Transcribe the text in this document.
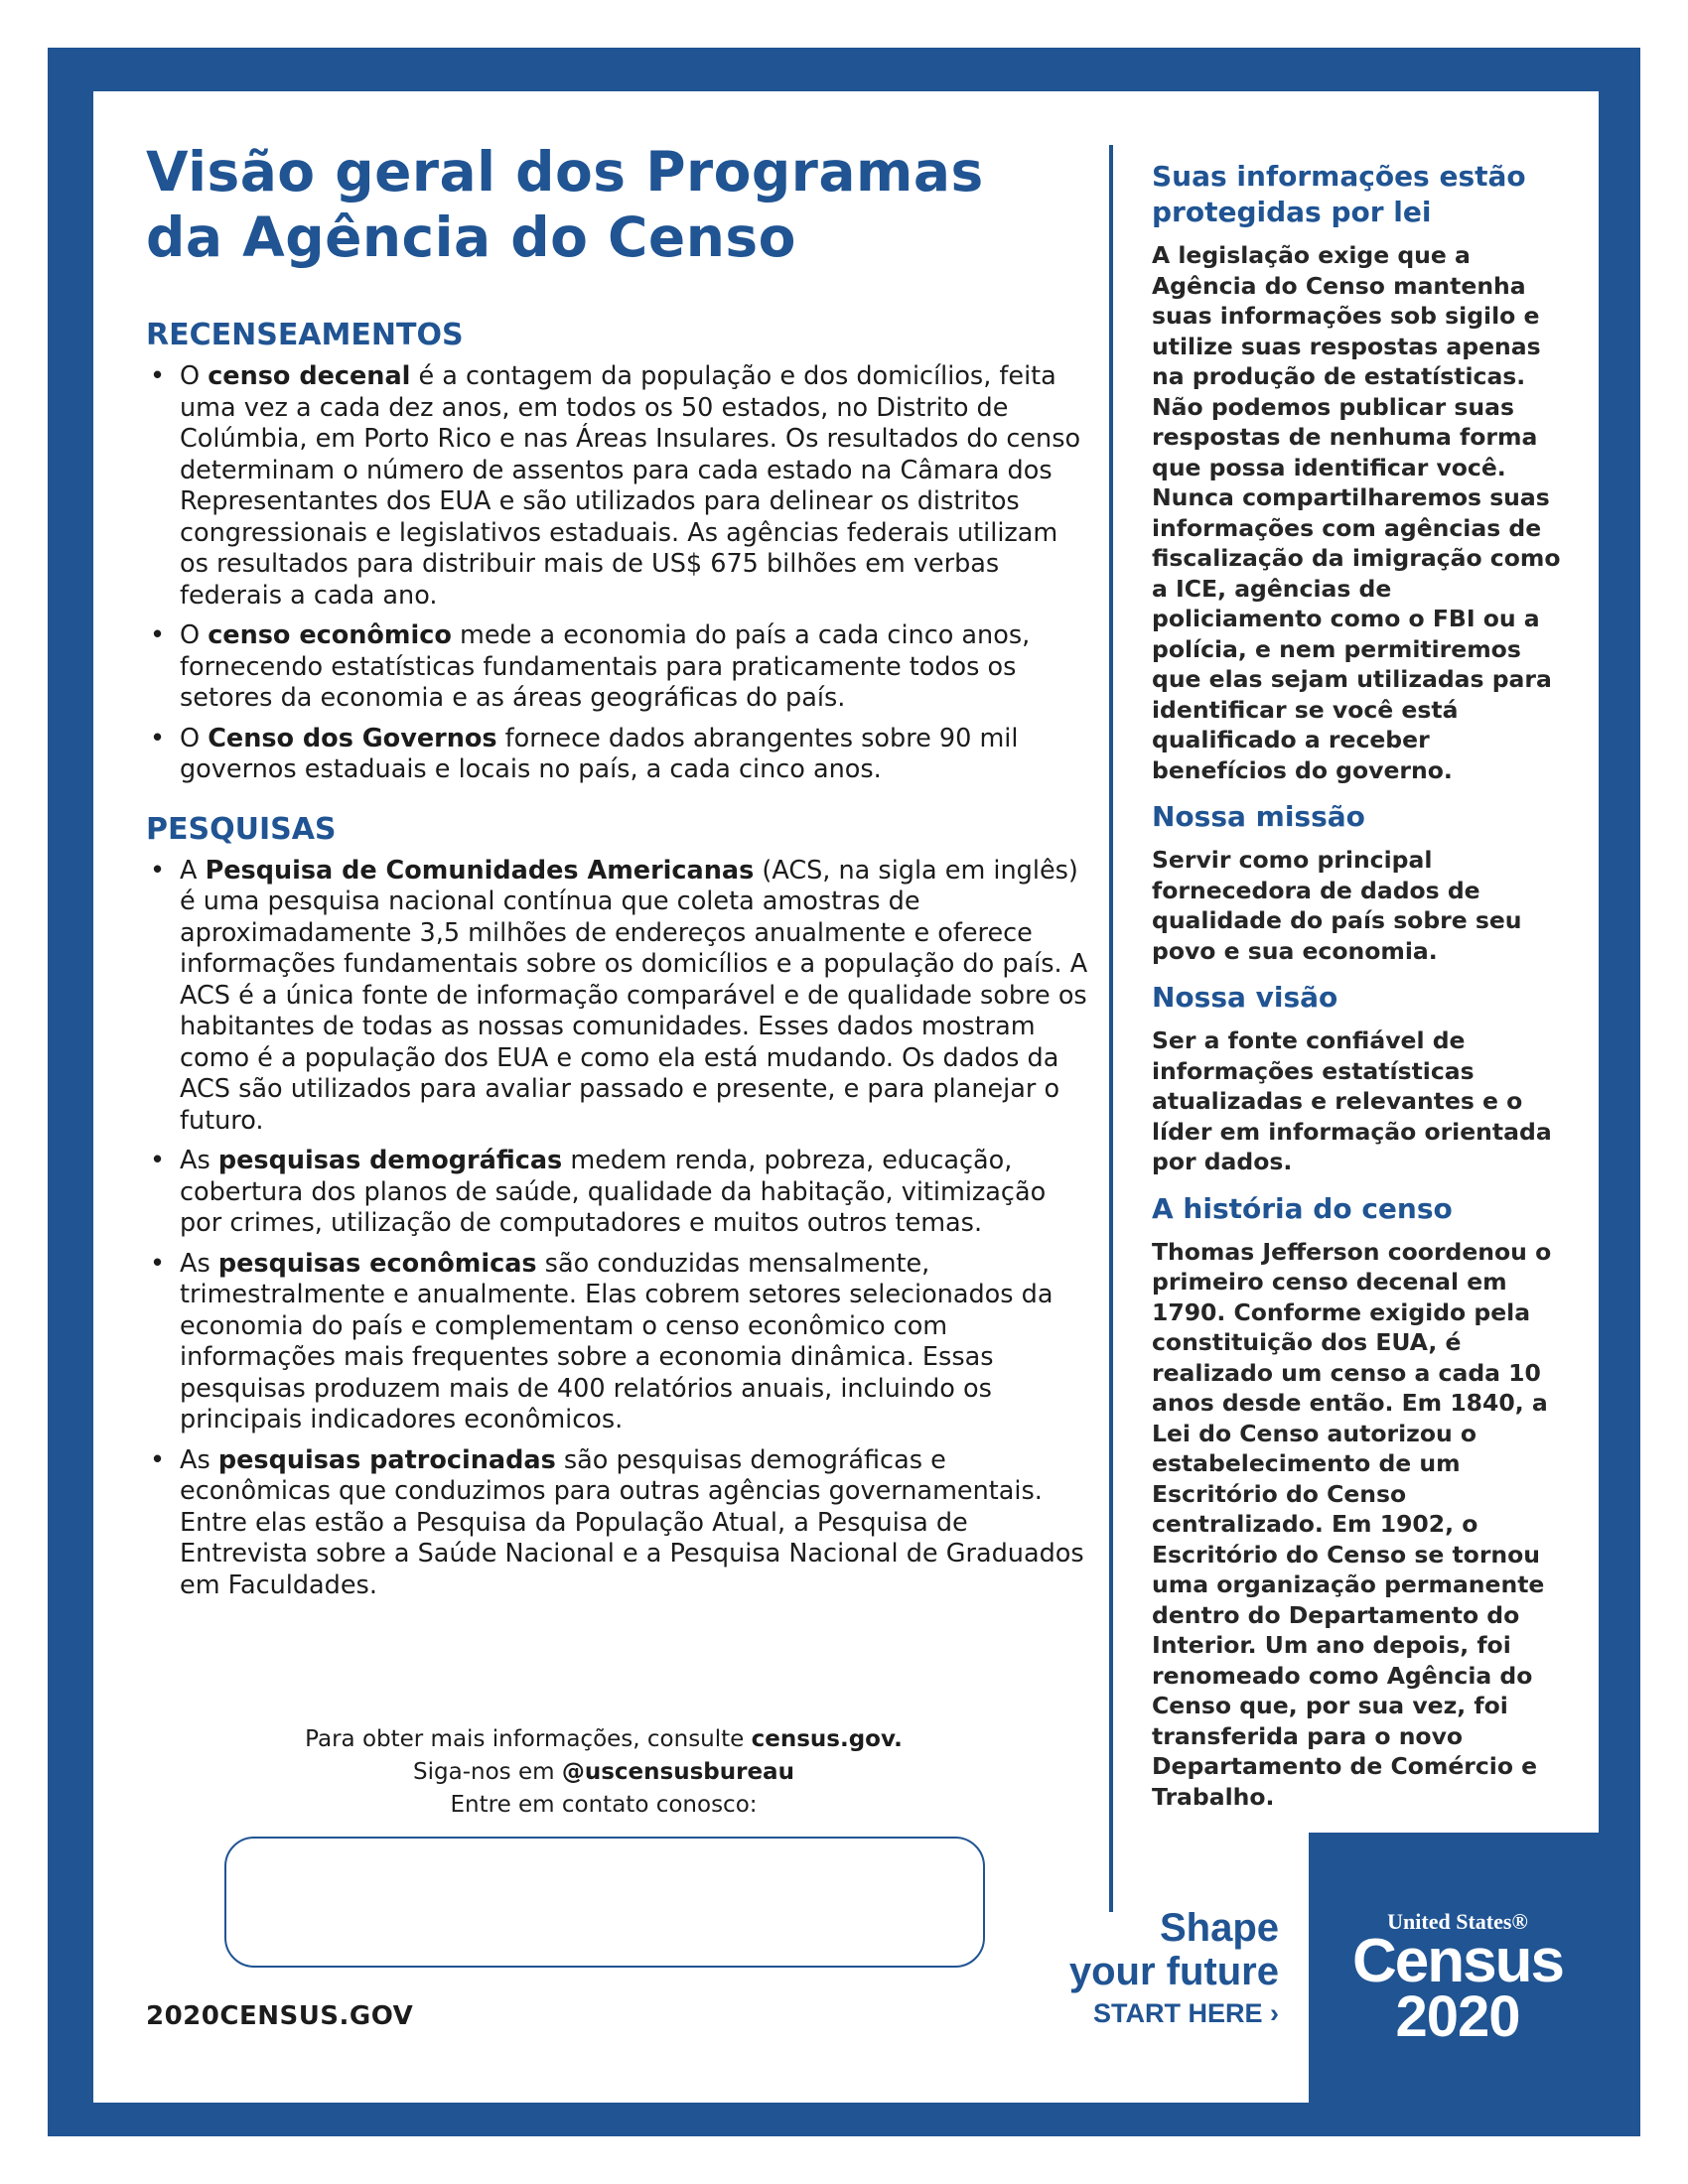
Visão geral dos Programas
da Agência do Censo
RECENSEAMENTOS
• O censo decenal é a contagem da população e dos domicílios, feita uma vez a cada dez anos, em todos os 50 estados, no Distrito de Colúmbia, em Porto Rico e nas Áreas Insulares. Os resultados do censo determinam o número de assentos para cada estado na Câmara dos Representantes dos EUA e são utilizados para delinear os distritos congressionais e legislativos estaduais. As agências federais utilizam os resultados para distribuir mais de US$ 675 bilhões em verbas federais a cada ano.
• O censo econômico mede a economia do país a cada cinco anos, fornecendo estatísticas fundamentais para praticamente todos os setores da economia e as áreas geográficas do país.
• O Censo dos Governos fornece dados abrangentes sobre 90 mil governos estaduais e locais no país, a cada cinco anos.
PESQUISAS
• A Pesquisa de Comunidades Americanas (ACS, na sigla em inglês) é uma pesquisa nacional contínua que coleta amostras de aproximadamente 3,5 milhões de endereços anualmente e oferece informações fundamentais sobre os domicílios e a população do país. A ACS é a única fonte de informação comparável e de qualidade sobre os habitantes de todas as nossas comunidades. Esses dados mostram como é a população dos EUA e como ela está mudando. Os dados da ACS são utilizados para avaliar passado e presente, e para planejar o futuro.
• As pesquisas demográficas medem renda, pobreza, educação, cobertura dos planos de saúde, qualidade da habitação, vitimização por crimes, utilização de computadores e muitos outros temas.
• As pesquisas econômicas são conduzidas mensalmente, trimestralmente e anualmente. Elas cobrem setores selecionados da economia do país e complementam o censo econômico com informações mais frequentes sobre a economia dinâmica. Essas pesquisas produzem mais de 400 relatórios anuais, incluindo os principais indicadores econômicos.
• As pesquisas patrocinadas são pesquisas demográficas e econômicas que conduzimos para outras agências governamentais. Entre elas estão a Pesquisa da População Atual, a Pesquisa de Entrevista sobre a Saúde Nacional e a Pesquisa Nacional de Graduados em Faculdades.
Para obter mais informações, consulte census.gov.
Siga-nos em @uscensusbureau
Entre em contato conosco:
2020CENSUS.GOV
Suas informações estão protegidas por lei

A legislação exige que a Agência do Censo mantenha suas informações sob sigilo e utilize suas respostas apenas na produção de estatísticas. Não podemos publicar suas respostas de nenhuma forma que possa identificar você. Nunca compartilharemos suas informações com agências de fiscalização da imigração como a ICE, agências de policiamento como o FBI ou a polícia, e nem permitiremos que elas sejam utilizadas para identificar se você está qualificado a receber benefícios do governo.

Nossa missão

Servir como principal fornecedora de dados de qualidade do país sobre seu povo e sua economia.

Nossa visão

Ser a fonte confiável de informações estatísticas atualizadas e relevantes e o líder em informação orientada por dados.

A história do censo

Thomas Jefferson coordenou o primeiro censo decenal em 1790. Conforme exigido pela constituição dos EUA, é realizado um censo a cada 10 anos desde então. Em 1840, a Lei do Censo autorizou o estabelecimento de um Escritório do Censo centralizado. Em 1902, o Escritório do Censo se tornou uma organização permanente dentro do Departamento do Interior. Um ano depois, foi renomeado como Agência do Censo que, por sua vez, foi transferida para o novo Departamento de Comércio e Trabalho.

Shape
your future
START HERE ›
United States®
Census
2020
